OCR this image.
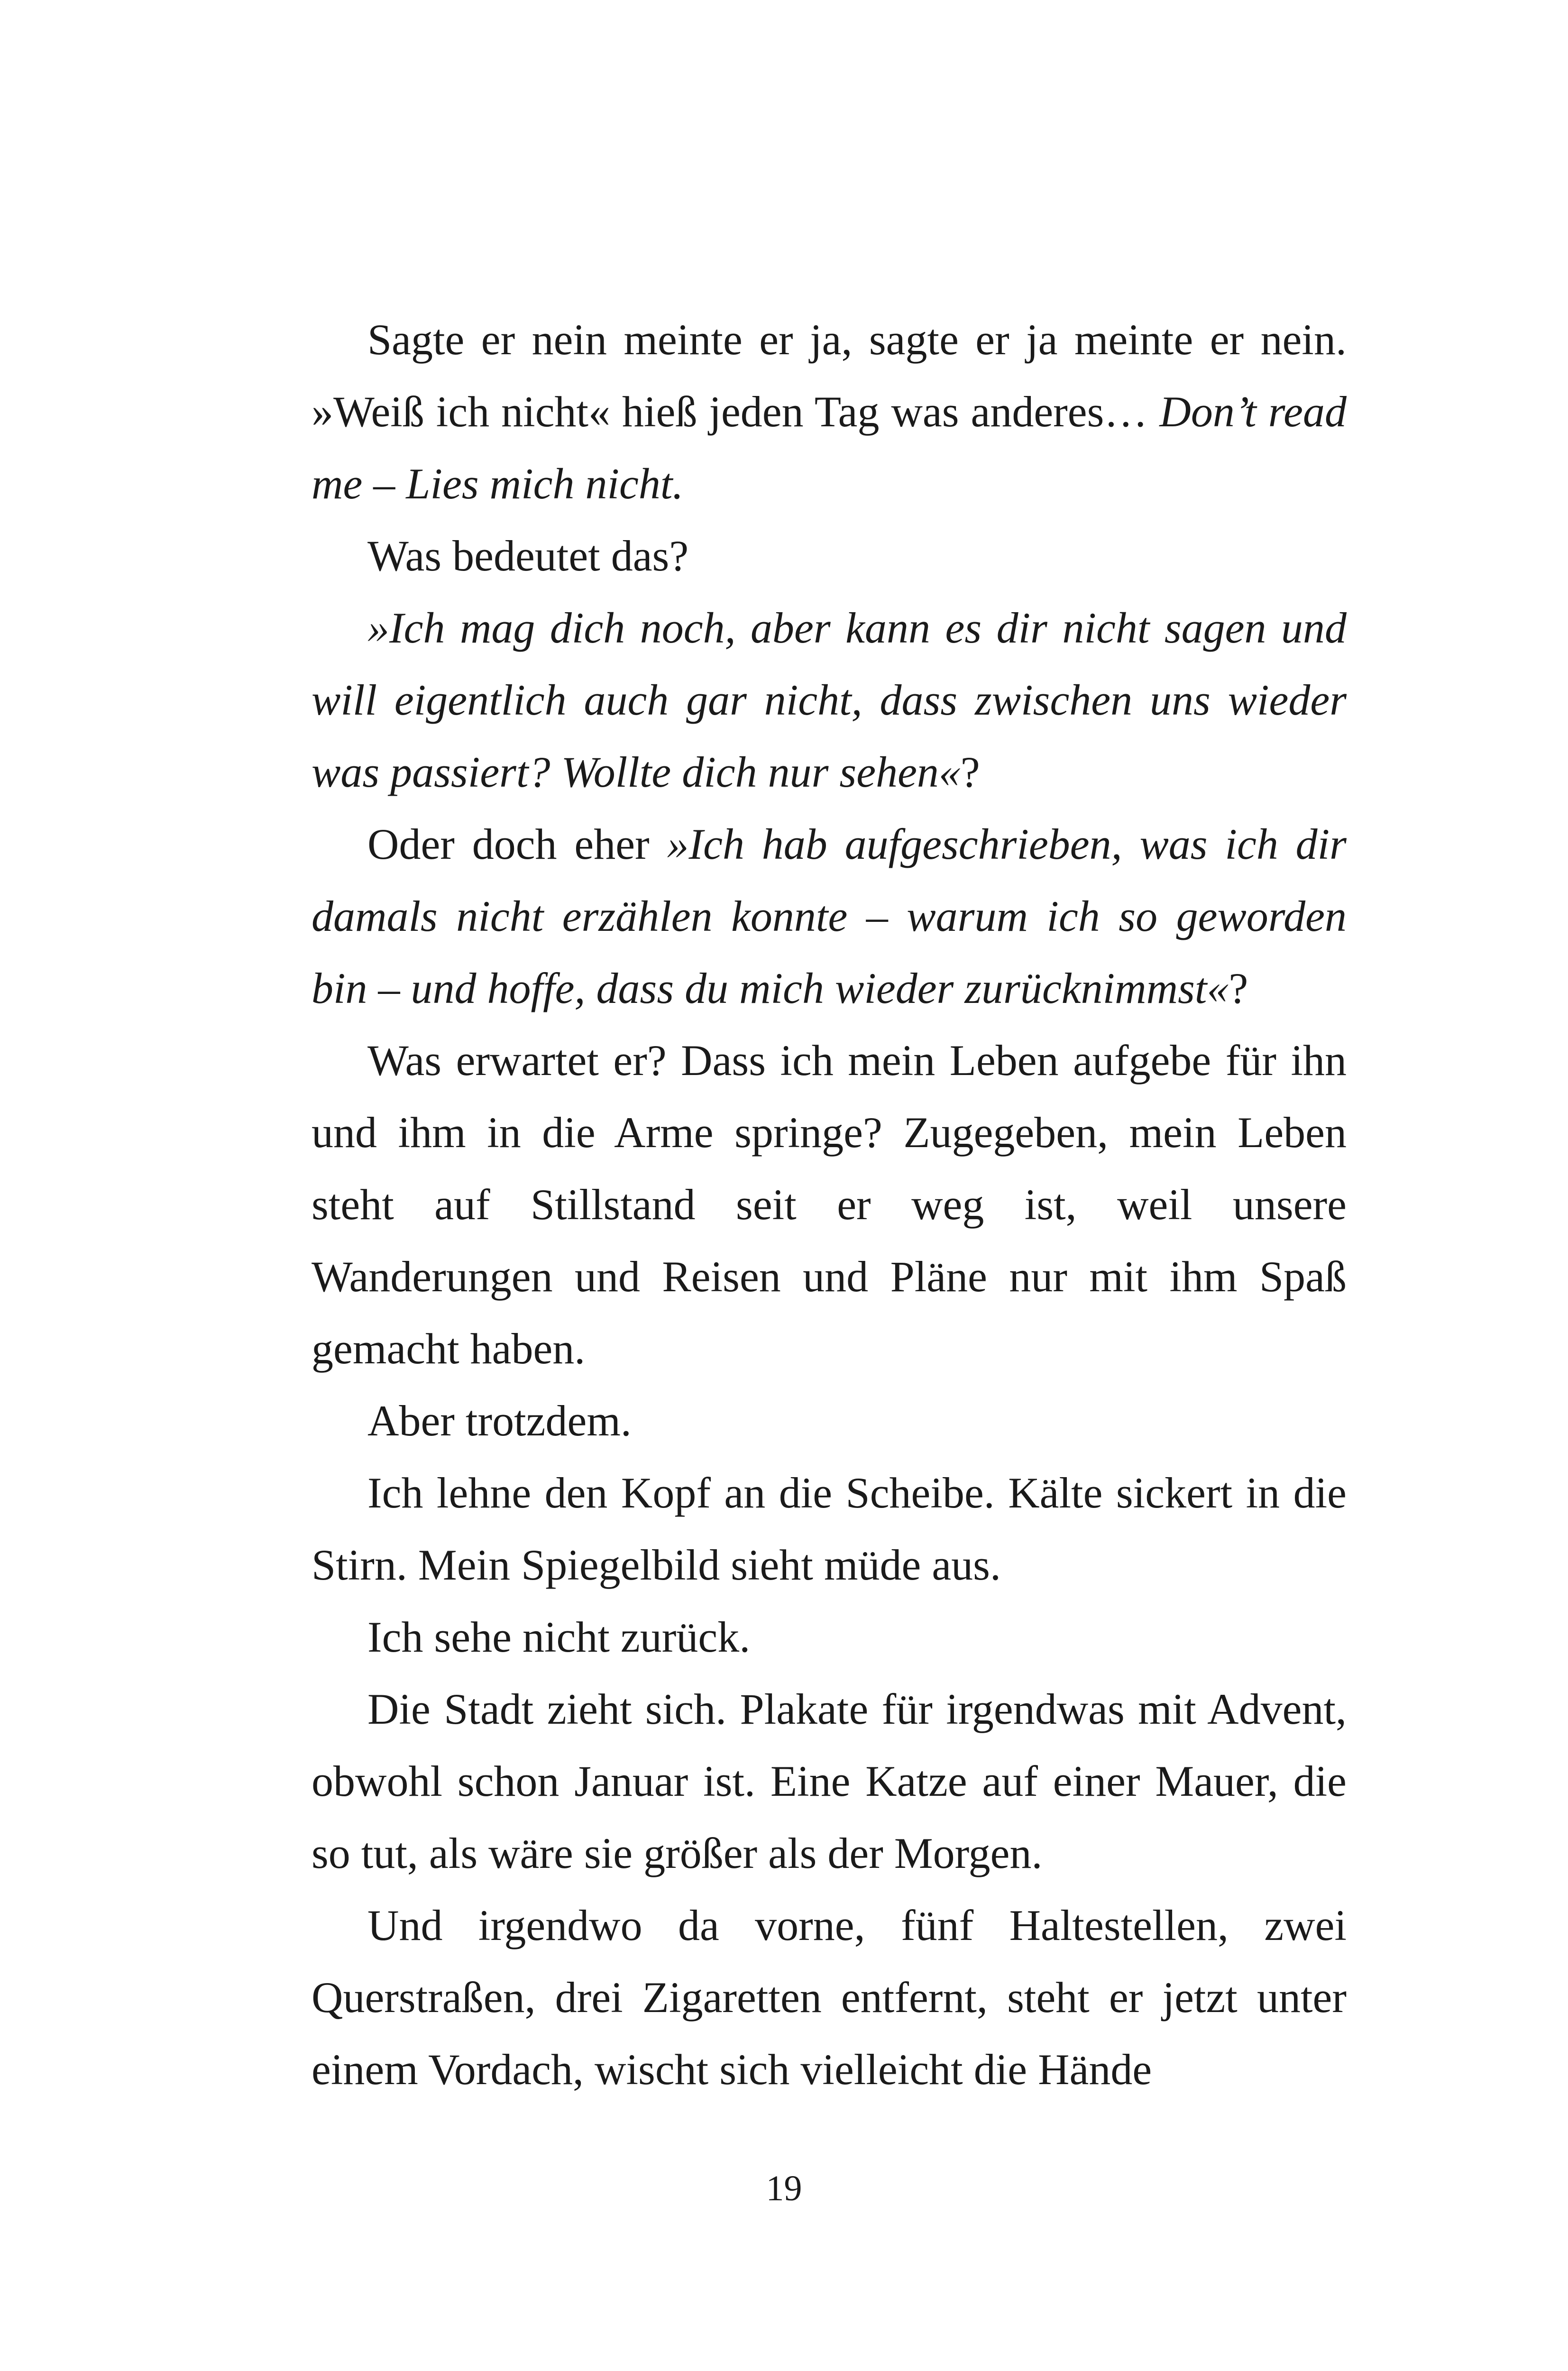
Sagte er nein meinte er ja, sagte er ja meinte er nein. »Weiß ich nicht« hieß jeden Tag was anderes… Don’t read me – Lies mich nicht.

Was bedeutet das?

»Ich mag dich noch, aber kann es dir nicht sagen und will eigentlich auch gar nicht, dass zwischen uns wieder was passiert? Wollte dich nur sehen«?

Oder doch eher »Ich hab aufgeschrieben, was ich dir damals nicht erzählen konnte – warum ich so geworden bin – und hoffe, dass du mich wieder zurücknimmst«?

Was erwartet er? Dass ich mein Leben aufgebe für ihn und ihm in die Arme springe? Zugegeben, mein Leben steht auf Stillstand seit er weg ist, weil unsere Wanderungen und Reisen und Pläne nur mit ihm Spaß gemacht haben.

Aber trotzdem.

Ich lehne den Kopf an die Scheibe. Kälte sickert in die Stirn. Mein Spiegelbild sieht müde aus.

Ich sehe nicht zurück.

Die Stadt zieht sich. Plakate für irgendwas mit Advent, obwohl schon Januar ist. Eine Katze auf einer Mauer, die so tut, als wäre sie größer als der Morgen.

Und irgendwo da vorne, fünf Haltestellen, zwei Querstraßen, drei Zigaretten entfernt, steht er jetzt unter einem Vordach, wischt sich vielleicht die Hände

19
